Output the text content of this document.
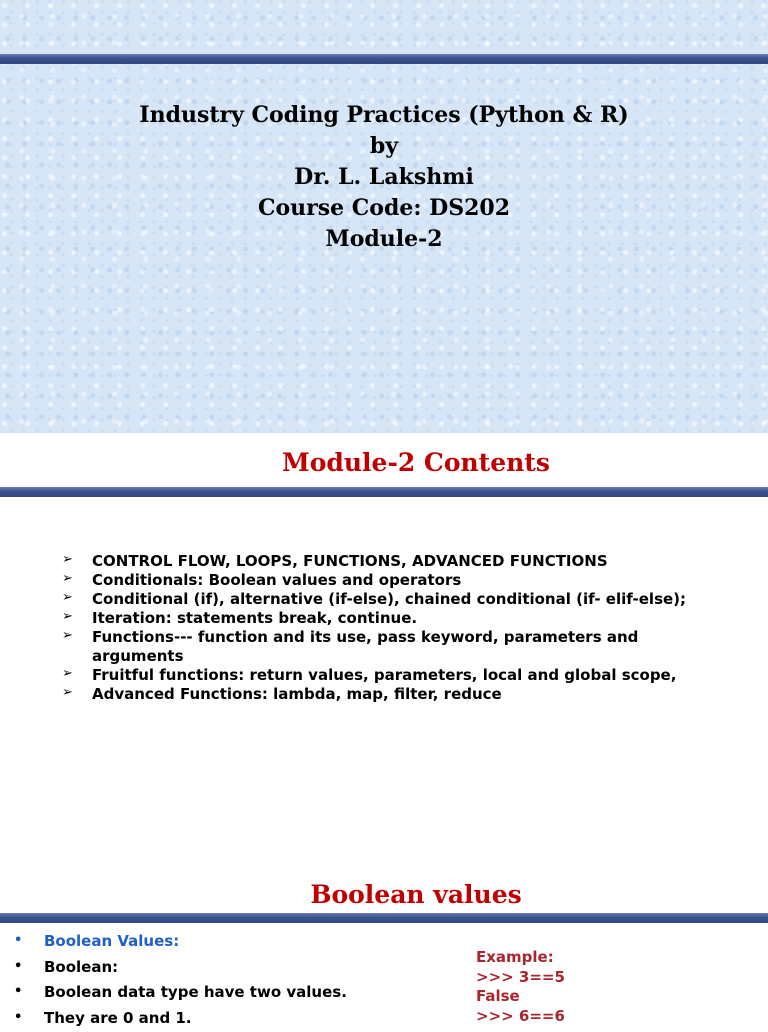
Industry Coding Practices (Python & R)
by
Dr. L. Lakshmi
Course Code: DS202
Module-2
Module-2 Contents
➢ CONTROL FLOW, LOOPS, FUNCTIONS, ADVANCED FUNCTIONS
➢ Conditionals: Boolean values and operators
➢ Conditional (if), alternative (if-else), chained conditional (if- elif-else);
➢ Iteration: statements break, continue.
➢ Functions--- function and its use, pass keyword, parameters and arguments
➢ Fruitful functions: return values, parameters, local and global scope,
➢ Advanced Functions: lambda, map, filter, reduce
Boolean values
• Boolean Values:
• Boolean:
• Boolean data type have two values.
• They are 0 and 1.
Example:
>>> 3==5
False
>>> 6==6
